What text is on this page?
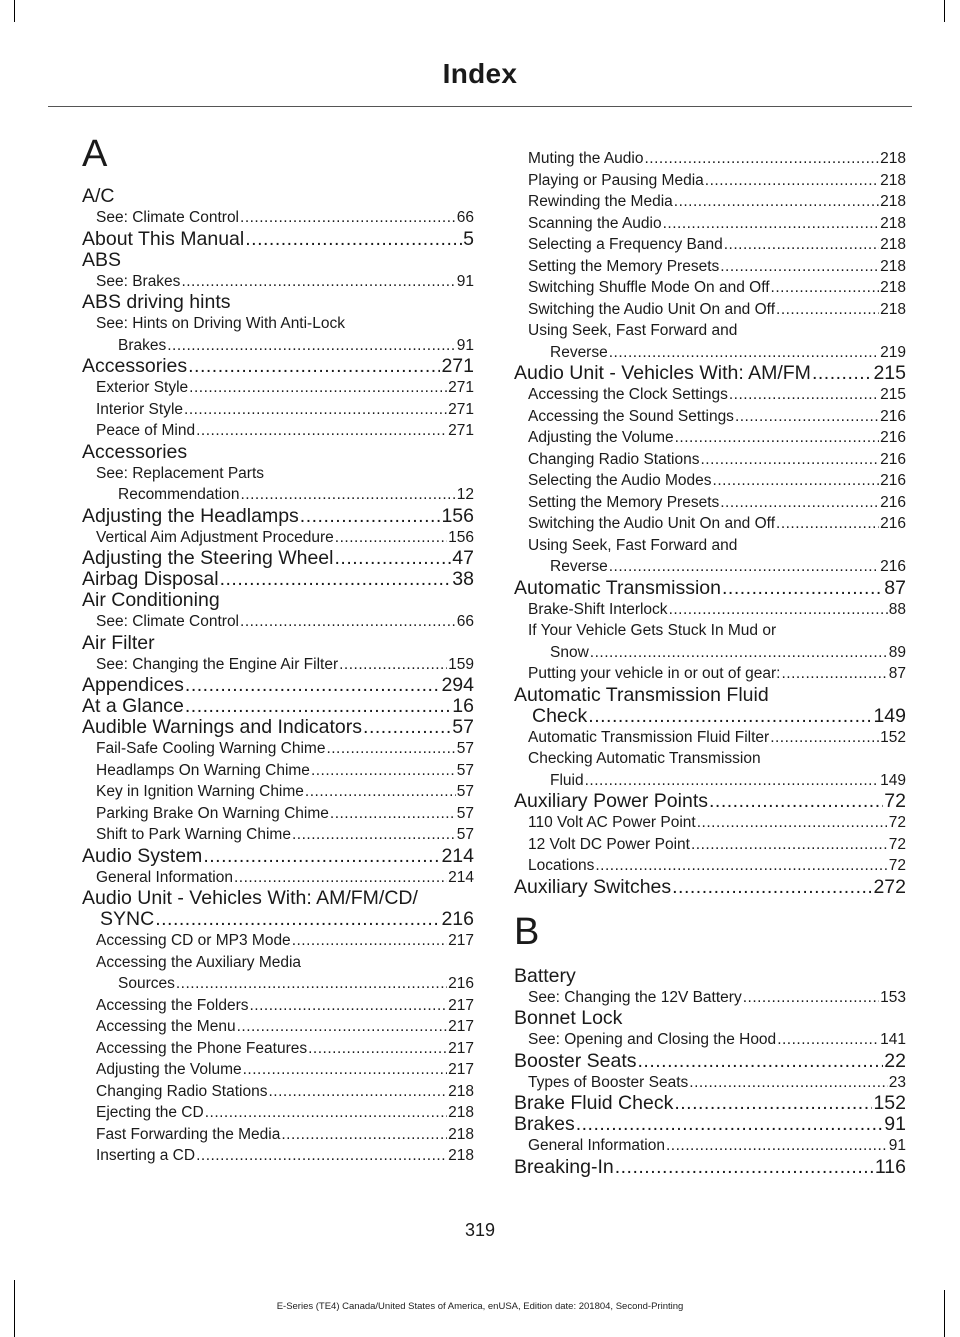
Index
A
A/C
See: Climate Control .....	66
About This Manual .....	5
ABS
See: Brakes .....	91
ABS driving hints
See: Hints on Driving With Anti-Lock
Brakes .....	91
Accessories .....	271
Exterior Style .....	271
Interior Style .....	271
Peace of Mind .....	271
Accessories
See: Replacement Parts
Recommendation .....	12
Adjusting the Headlamps .....	156
Vertical Aim Adjustment Procedure .....	156
Adjusting the Steering Wheel .....	47
Airbag Disposal .....	38
Air Conditioning
See: Climate Control .....	66
Air Filter
See: Changing the Engine Air Filter .....	159
Appendices .....	294
At a Glance .....	16
Audible Warnings and Indicators .....	57
Fail-Safe Cooling Warning Chime .....	57
Headlamps On Warning Chime .....	57
Key in Ignition Warning Chime .....	57
Parking Brake On Warning Chime .....	57
Shift to Park Warning Chime .....	57
Audio System .....	214
General Information .....	214
Audio Unit - Vehicles With: AM/FM/CD/
SYNC .....	216
Accessing CD or MP3 Mode .....	217
Accessing the Auxiliary Media
Sources .....	216
Accessing the Folders .....	217
Accessing the Menu .....	217
Accessing the Phone Features .....	217
Adjusting the Volume .....	217
Changing Radio Stations .....	218
Ejecting the CD .....	218
Fast Forwarding the Media .....	218
Inserting a CD .....	218
Muting the Audio .....	218
Playing or Pausing Media .....	218
Rewinding the Media .....	218
Scanning the Audio .....	218
Selecting a Frequency Band .....	218
Setting the Memory Presets .....	218
Switching Shuffle Mode On and Off .....	218
Switching the Audio Unit On and Off .....	218
Using Seek, Fast Forward and
Reverse .....	219
Audio Unit - Vehicles With: AM/FM .....	215
Accessing the Clock Settings .....	215
Accessing the Sound Settings .....	216
Adjusting the Volume .....	216
Changing Radio Stations .....	216
Selecting the Audio Modes .....	216
Setting the Memory Presets .....	216
Switching the Audio Unit On and Off .....	216
Using Seek, Fast Forward and
Reverse .....	216
Automatic Transmission .....	87
Brake-Shift Interlock .....	88
If Your Vehicle Gets Stuck In Mud or
Snow .....	89
Putting your vehicle in or out of gear: .....	87
Automatic Transmission Fluid
Check .....	149
Automatic Transmission Fluid Filter .....	152
Checking Automatic Transmission
Fluid .....	149
Auxiliary Power Points .....	72
110 Volt AC Power Point .....	72
12 Volt DC Power Point .....	72
Locations .....	72
Auxiliary Switches .....	272
B
Battery
See: Changing the 12V Battery .....	153
Bonnet Lock
See: Opening and Closing the Hood .....	141
Booster Seats .....	22
Types of Booster Seats .....	23
Brake Fluid Check .....	152
Brakes .....	91
General Information .....	91
Breaking-In .....	116
319
E-Series (TE4) Canada/United States of America, enUSA, Edition date: 201804, Second-Printing
